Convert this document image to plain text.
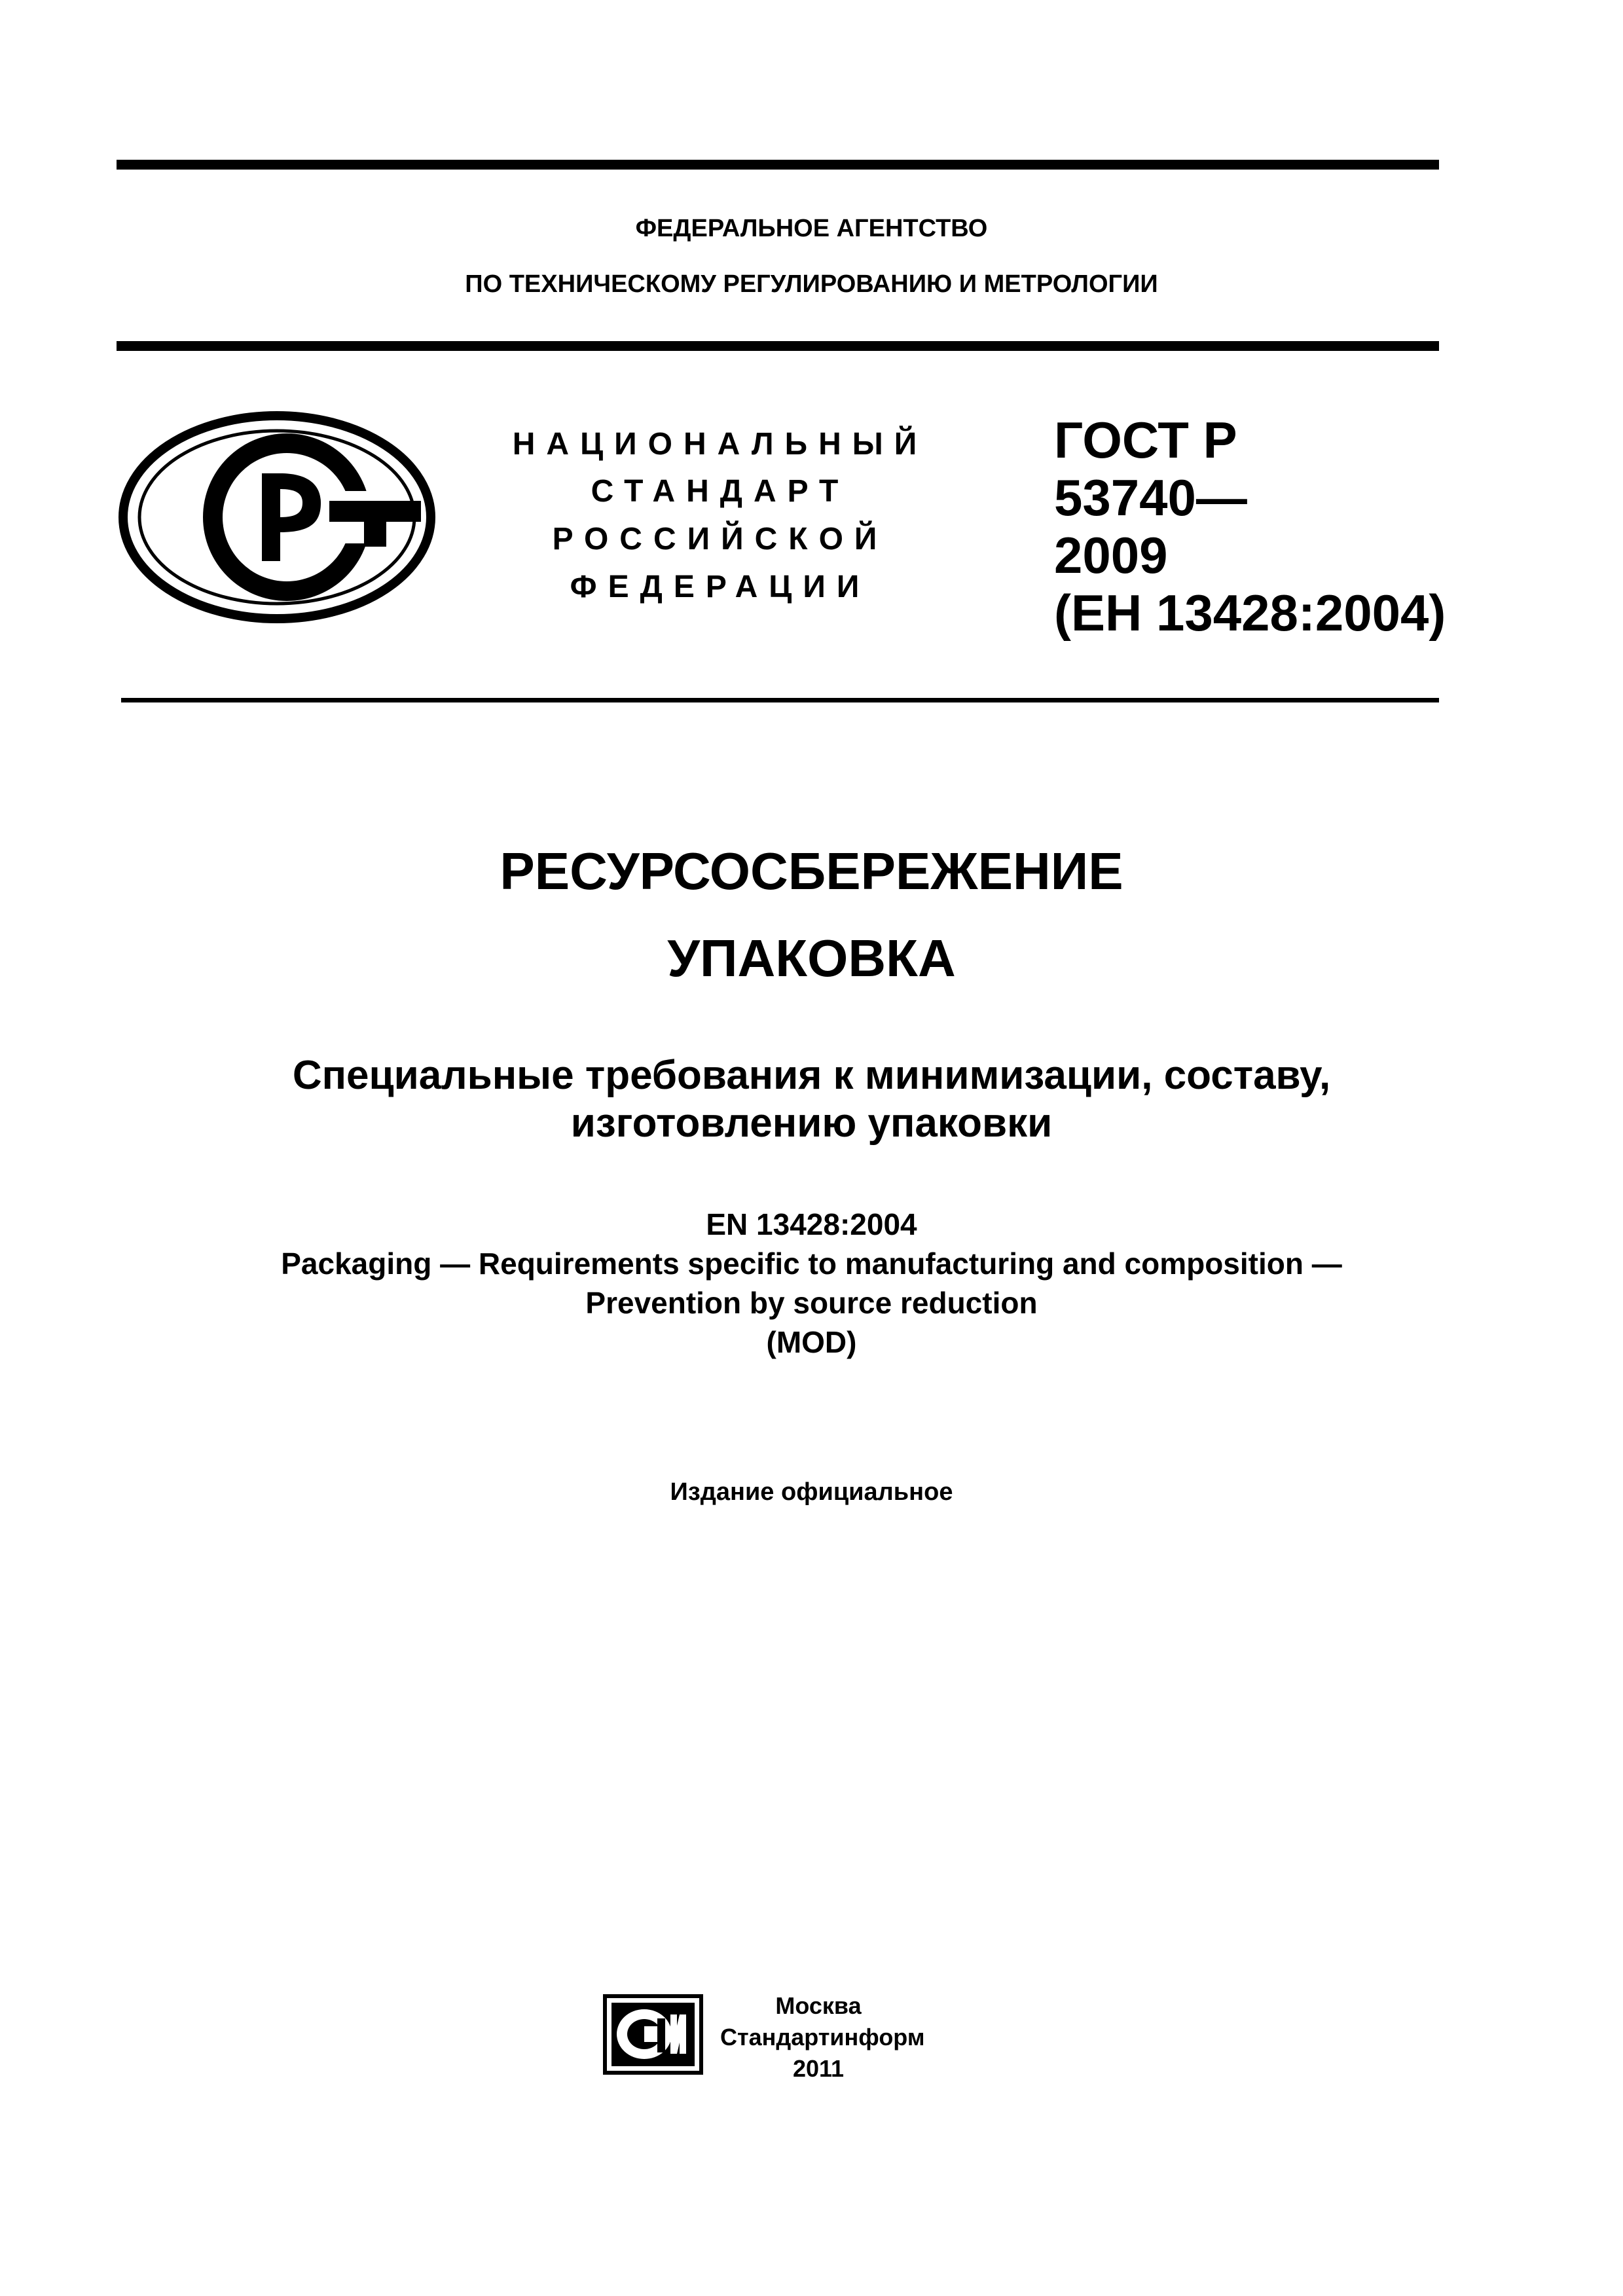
ФЕДЕРАЛЬНОЕ АГЕНТСТВО
ПО ТЕХНИЧЕСКОМУ РЕГУЛИРОВАНИЮ И МЕТРОЛОГИИ
НАЦИОНАЛЬНЫЙ
СТАНДАРТ
РОССИЙСКОЙ
ФЕДЕРАЦИИ
ГОСТ Р
53740—
2009
(ЕН 13428:2004)
РЕСУРСОСБЕРЕЖЕНИЕ
УПАКОВКА
Специальные требования к минимизации, составу,
изготовлению упаковки
EN 13428:2004
Packaging — Requirements specific to manufacturing and composition —
Prevention by source reduction
(MOD)
Издание официальное
Москва
Стандартинформ
2011
